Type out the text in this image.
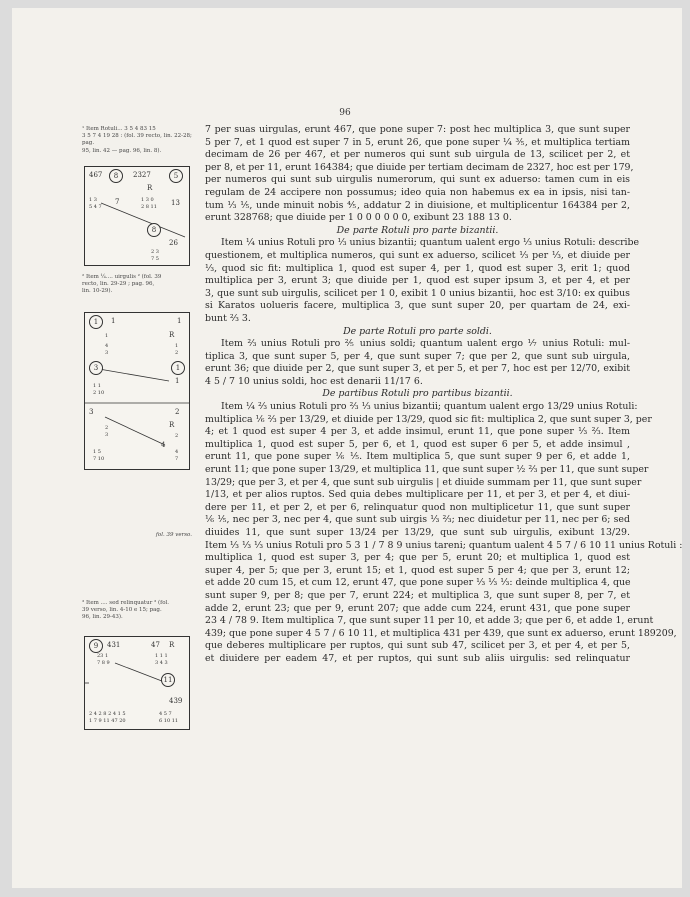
96
¹ Item Rotuli... 3 5 4 83 15
3 5 7 4 19 28 : (fol. 39 recto, lin. 22-28; pag.
95, lin. 42 — pag. 96, lin. 8).
467	8	2327	5
R
1 3
5 4 7
7	1 3 0
2 8 11 13
8
26
2 3
7 5
² Item ¼.... uirgulis ² (fol. 39
recto, lin. 29-29 ; pag. 96,
lin. 10-29).
1	1	1
1	R
4
3
1
2
3	1
1
1 1
2 10
3	2
R
2
3	2
4
1 5
7 10
4
7
fol. 39 verso.
³ Item .... sed relinquatur ³ (fol.
39 verso, lin. 4-10 e 15; pag.
96, lin. 29-43).
9	431	47 R
23 1
7 8 9
1 1 1
3 4 3
11
439
2 4 2 8 2 4 1 5
1 7 9 11 47 20
4 5 7
6 10 11
7 per suas uirgulas, erunt 467, que pone super 7: post hec multiplica 3, que sunt super
5 per 7, et 1 quod est super 7 in 5, erunt 26, que pone super ¼ ⅗, et multiplica tertiam
decimam de 26 per 467, et per numeros qui sunt sub uirgula de 13, scilicet per 2, et
per 8, et per 11, erunt 164384; que diuide per tertiam decimam de 2327, hoc est per 179,
per numeros qui sunt sub uirgulis numerorum, qui sunt ex aduerso: tamen cum in eis
regulam de 24 accipere non possumus; ideo quia non habemus ex ea in ipsis, nisi tan-
tum ⅓ ⅕, unde minuit nobis ⅘, addatur 2 in diuisione, et multiplicentur 164384 per 2,
erunt 328768; que diuide per 1 0 0 0 0 0 0, exibunt 23 188 13 0.
De parte Rotuli pro parte bizantii.
Item ¼ unius Rotuli pro ⅓ unius bizantii; quantum ualent ergo ⅓ unius Rotuli: describe
questionem, et multiplica numeros, qui sunt ex aduerso, scilicet ⅓ per ⅓, et diuide per
⅓, quod sic fit: multiplica 1, quod est super 4, per 1, quod est super 3, erit 1; quod
multiplica per 3, erunt 3; que diuide per 1, quod est super ipsum 3, et per 4, et per
3, que sunt sub uirgulis, scilicet per 1 0, exibit 1 0 unius bizantii, hoc est 3/10: ex quibus
si Karatos uolueris facere, multiplica 3, que sunt super 20, per quartam de 24, exi-
bunt ⅔ 3.
De parte Rotuli pro parte soldi.
Item ⅔ unius Rotuli pro ⅖ unius soldi; quantum ualent ergo ⅐ unius Rotuli: mul-
tiplica 3, que sunt super 5, per 4, que sunt super 7; que per 2, que sunt sub uirgula,
erunt 36; que diuide per 2, que sunt super 3, et per 5, et per 7, hoc est per 12/70, exibit
4 5 / 7 10 unius soldi, hoc est denarii 11/17 6.
De partibus Rotuli pro partibus bizantii.
Item ¼ ⅔ unius Rotuli pro ⅔ ⅓ unius bizantii; quantum ualent ergo 13/29 unius Rotuli:
multiplica ⅙ ⅔ per 13/29, et diuide per 13/29, quod sic fit: multiplica 2, que sunt super 3, per
4; et 1 quod est super 4 per 3, et adde insimul, erunt 11, que pone super ⅓ ⅔. Item
multiplica 1, quod est super 5, per 6, et 1, quod est super 6 per 5, et adde insimul ,
erunt 11, que pone super ⅙ ⅕. Item multiplica 5, que sunt super 9 per 6, et adde 1,
erunt 11; que pone super 13/29, et multiplica 11, que sunt super ½ ⅔ per 11, que sunt super
13/29; que per 3, et per 4, que sunt sub uirgulis | et diuide summam per 11, que sunt super
1/13, et per alios ruptos. Sed quia debes multiplicare per 11, et per 3, et per 4, et diui-
dere per 11, et per 2, et per 6, relinquatur quod non multiplicetur 11, que sunt super
⅙ ⅕, nec per 3, nec per 4, que sunt sub uirgis ⅓ ⅔; nec diuidetur per 11, nec per 6; sed
diuides 11, que sunt super 13/24 per 13/29, que sunt sub uirgulis, exibunt 13/29.
Item ⅓ ⅓ ⅓ unius Rotuli pro 5 3 1 / 7 8 9 unius tareni; quantum ualent 4 5 7 / 6 10 11 unius Rotuli :
multiplica 1, quod est super 3, per 4; que per 5, erunt 20; et multiplica 1, quod est
super 4, per 5; que per 3, erunt 15; et 1, quod est super 5 per 4; que per 3, erunt 12;
et adde 20 cum 15, et cum 12, erunt 47, que pone super ⅓ ⅓ ⅓: deinde multiplica 4, que
sunt super 9, per 8; que per 7, erunt 224; et multiplica 3, que sunt super 8, per 7, et
adde 2, erunt 23; que per 9, erunt 207; que adde cum 224, erunt 431, que pone super
23 4 / 78 9. Item multiplica 7, que sunt super 11 per 10, et adde 3; que per 6, et adde 1, erunt
439; que pone super 4 5 7 / 6 10 11, et multiplica 431 per 439, que sunt ex aduerso, erunt 189209,
que deberes multiplicare per ruptos, qui sunt sub 47, scilicet per 3, et per 4, et per 5,
et diuidere per eadem 47, et per ruptos, qui sunt sub aliis uirgulis: sed relinquatur
